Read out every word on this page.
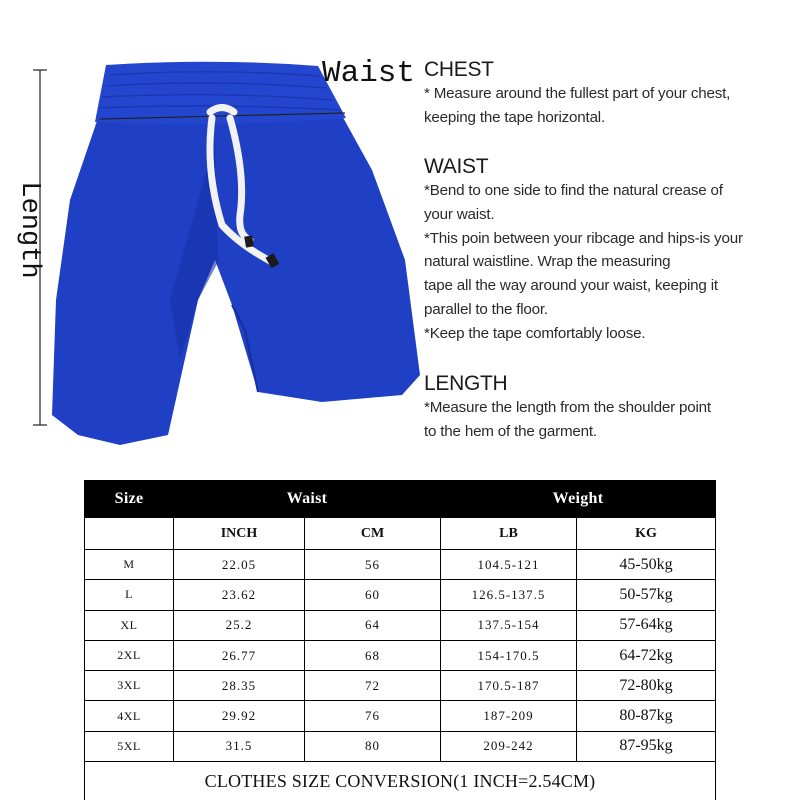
Waist
Length
CHEST

* Measure around the fullest part of your chest,

keeping the tape horizontal.

WAIST

*Bend to one side to find the natural crease of

your waist.

*This poin between your ribcage and hips-is your

natural waistline. Wrap the measuring

tape all the way around your waist, keeping it

parallel to the floor.

*Keep the tape comfortably loose.

LENGTH

*Measure the length from the shoulder point

to the hem of the garment.

Size	Waist		Weight	
	INCH	CM	LB	KG
M	22.05	56	104.5-121	45-50kg
L	23.62	60	126.5-137.5	50-57kg
XL	25.2	64	137.5-154	57-64kg
2XL	26.77	68	154-170.5	64-72kg
3XL	28.35	72	170.5-187	72-80kg
4XL	29.92	76	187-209	80-87kg
5XL	31.5	80	209-242	87-95kg
CLOTHES SIZE CONVERSION(1 INCH=2.54CM)				
